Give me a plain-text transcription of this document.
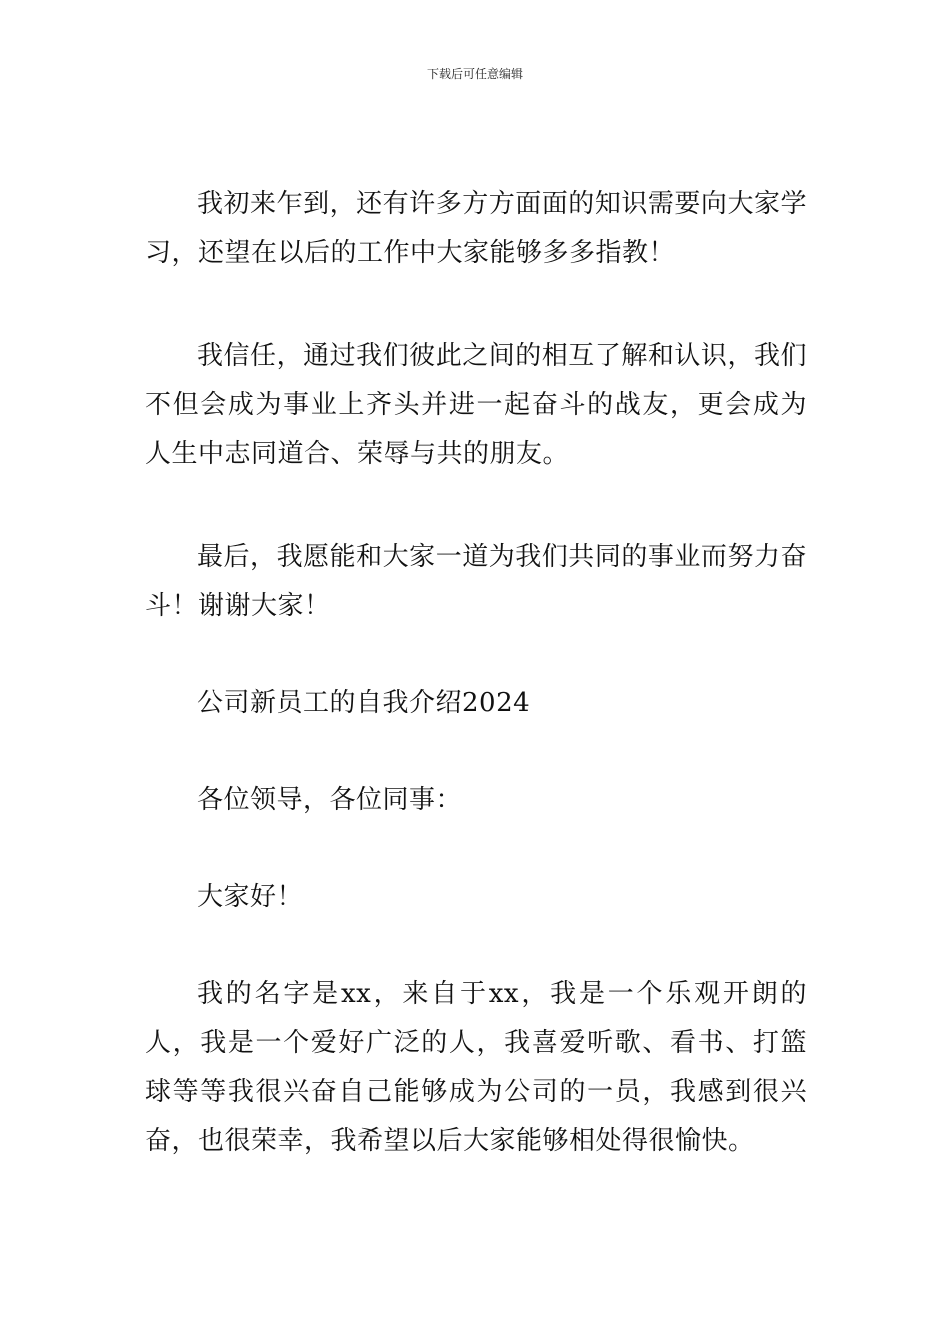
下载后可任意编辑

我初来乍到，还有许多方方面面的知识需要向大家学习，还望在以后的工作中大家能够多多指教！

我信任，通过我们彼此之间的相互了解和认识，我们不但会成为事业上齐头并进一起奋斗的战友，更会成为人生中志同道合、荣辱与共的朋友。

最后，我愿能和大家一道为我们共同的事业而努力奋斗！谢谢大家！

公司新员工的自我介绍2024

各位领导，各位同事：

大家好！

我的名字是xx，来自于xx，我是一个乐观开朗的人，我是一个爱好广泛的人，我喜爱听歌、看书、打篮球等等我很兴奋自己能够成为公司的一员，我感到很兴奋，也很荣幸，我希望以后大家能够相处得很愉快。
